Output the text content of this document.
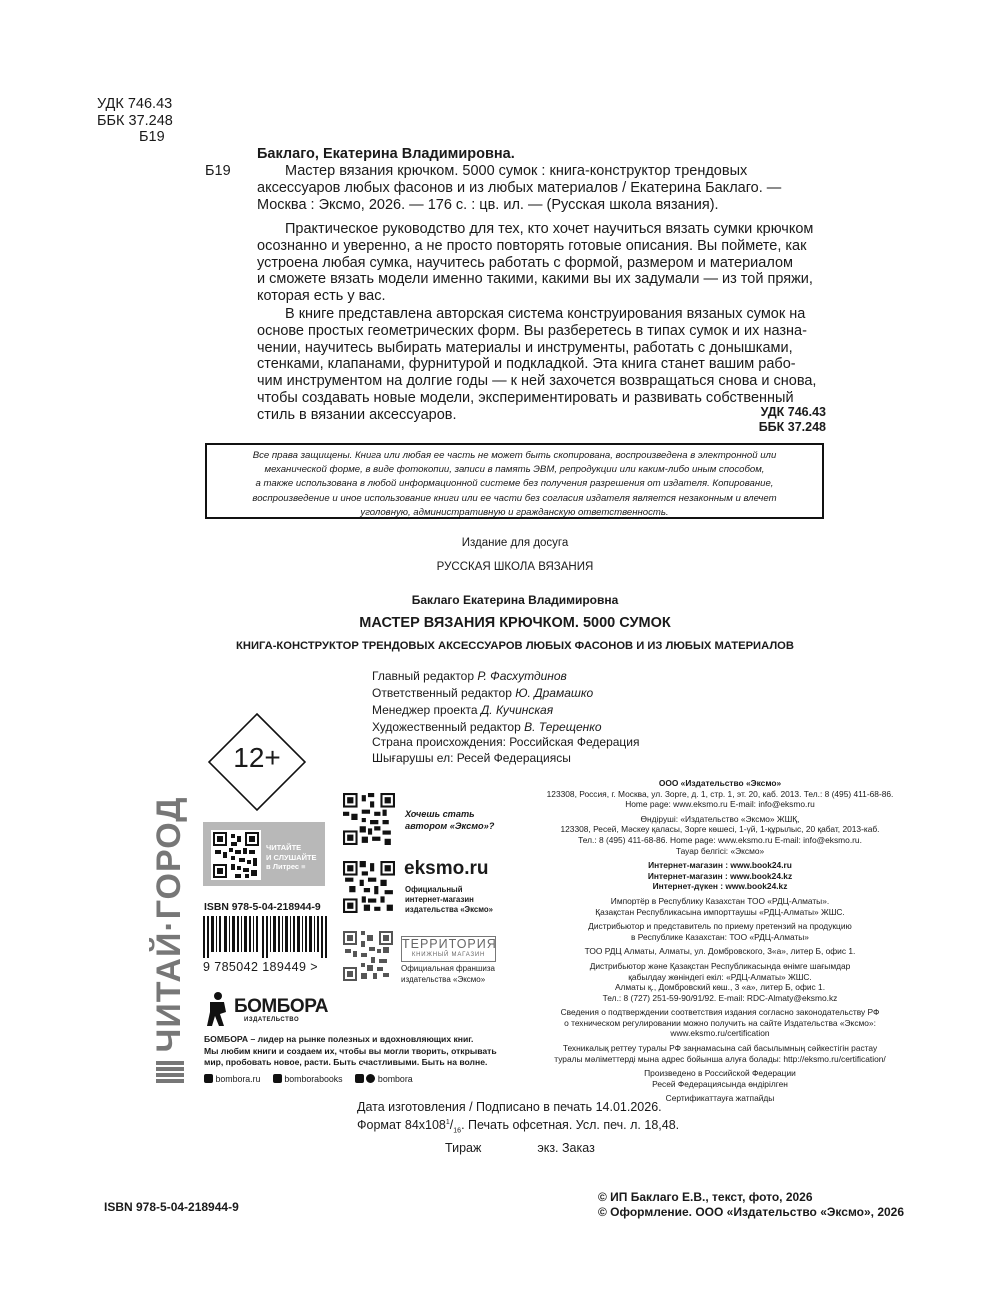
УДК 746.43
ББК 37.248
Б19
Баклаго, Екатерина Владимировна.
Б19	Мастер вязания крючком. 5000 сумок : книга-конструктор трендовых
аксессуаров любых фасонов и из любых материалов / Екатерина Баклаго. —
Москва : Эксмо, 2026. — 176 с. : цв. ил. — (Русская школа вязания).
Практическое руководство для тех, кто хочет научиться вязать сумки крючком
осознанно и уверенно, а не просто повторять готовые описания. Вы поймете, как
устроена любая сумка, научитесь работать с формой, размером и материалом
и сможете вязать модели именно такими, какими вы их задумали — из той пряжи,
которая есть у вас.
В книге представлена авторская система конструирования вязаных сумок на
основе простых геометрических форм. Вы разберетесь в типах сумок и их назна-
чении, научитесь выбирать материалы и инструменты, работать с донышками,
стенками, клапанами, фурнитурой и подкладкой. Эта книга станет вашим рабо-
чим инструментом на долгие годы — к ней захочется возвращаться снова и снова,
чтобы создавать новые модели, экспериментировать и развивать собственный
стиль в вязании аксессуаров.	УДК 746.43
ББК 37.248
Все права защищены. Книга или любая ее часть не может быть скопирована, воспроизведена в электронной или
механической форме, в виде фотокопии, записи в память ЭВМ, репродукции или каким-либо иным способом,
а также использована в любой информационной системе без получения разрешения от издателя. Копирование,
воспроизведение и иное использование книги или ее части без согласия издателя является незаконным и влечет
уголовную, административную и гражданскую ответственность.
Издание для досуга
РУССКАЯ ШКОЛА ВЯЗАНИЯ
Баклаго Екатерина Владимировна
МАСТЕР ВЯЗАНИЯ КРЮЧКОМ. 5000 СУМОК
КНИГА-КОНСТРУКТОР ТРЕНДОВЫХ АКСЕССУАРОВ ЛЮБЫХ ФАСОНОВ И ИЗ ЛЮБЫХ МАТЕРИАЛОВ
Главный редактор Р. Фасхутдинов
Ответственный редактор Ю. Драмашко
Менеджер проекта Д. Кучинская
Художественный редактор В. Терещенко
Страна происхождения: Российская Федерация
Шығарушы ел: Ресей Федерациясы
12+
ЧИТАЙ·ГОРОД	ЧИТАЙТЕ
И СЛУШАЙТЕ
в Литрес ≡
ISBN 978-5-04-218944-9
9 785042 189449 >
Хочешь стать
автором «Эксмо»?
eksmo.ru
Официальный
интернет-магазин
издательства «Эксмо»
ТЕРРИТОРИЯ
КНИЖНЫЙ МАГАЗИН
Официальная франшиза
издательства «Эксмо»
БОМБОРА
ИЗДАТЕЛЬСТВО
БОМБОРА – лидер на рынке полезных и вдохновляющих книг.
Мы любим книги и создаем их, чтобы вы могли творить, открывать
мир, пробовать новое, расти. Быть счастливыми. Быть на волне.
bombora.ru	bomborabooks	bombora
ООО «Издательство «Эксмо»
123308, Россия, г. Москва, ул. Зорге, д. 1, стр. 1, эт. 20, каб. 2013. Тел.: 8 (495) 411-68-86.
Home page: www.eksmo.ru E-mail: info@eksmo.ru
Өндіруші: «Издательство «Эксмо» ЖШҚ,
123308, Ресей, Мәскеу қаласы, Зорге көшесі, 1-үй, 1-құрылыс, 20 қабат, 2013-каб.
Тел.: 8 (495) 411-68-86. Home page: www.eksmo.ru E-mail: info@eksmo.ru.
Тауар белгісі: «Эксмо»
Интернет-магазин : www.book24.ru
Интернет-магазин : www.book24.kz
Интернет-дүкен : www.book24.kz
Импортёр в Республику Казахстан ТОО «РДЦ-Алматы».
Қазақстан Республикасына импорттаушы «РДЦ-Алматы» ЖШС.
Дистрибьютор и представитель по приему претензий на продукцию
в Республике Казахстан: ТОО «РДЦ-Алматы»
ТОО РДЦ Алматы, Алматы, ул. Домбровского, 3«а», литер Б, офис 1.
Дистрибьютор және Қазақстан Республикасында өнімге шағымдар
қабылдау жөніндегі екіл: «РДЦ-Алматы» ЖШС.
Алматы қ., Домбровский көш., 3 «а», литер Б, офис 1.
Тел.: 8 (727) 251-59-90/91/92. E-mail: RDC-Almaty@eksmo.kz
Сведения о подтверждении соответствия издания согласно законодательству РФ
о техническом регулировании можно получить на сайте Издательства «Эксмо»:
www.eksmo.ru/certification
Техникалық реттеу туралы РФ заңнамасына сай басылымның сәйкестігін растау
туралы мәліметтерді мына адрес бойынша алуға болады: http://eksmo.ru/certification/
Произведено в Российской Федерации
Ресей Федерациясында өндірілген
Сертификаттауға жатпайды
Дата изготовления / Подписано в печать 14.01.2026.
Формат $84x108^1/_{16}$. Печать офсетная. Усл. печ. л. 18,48.
Тираж	экз. Заказ
ISBN 978-5-04-218944-9
© ИП Баклаго Е.В., текст, фото, 2026
© Оформление. ООО «Издательство «Эксмо», 2026
